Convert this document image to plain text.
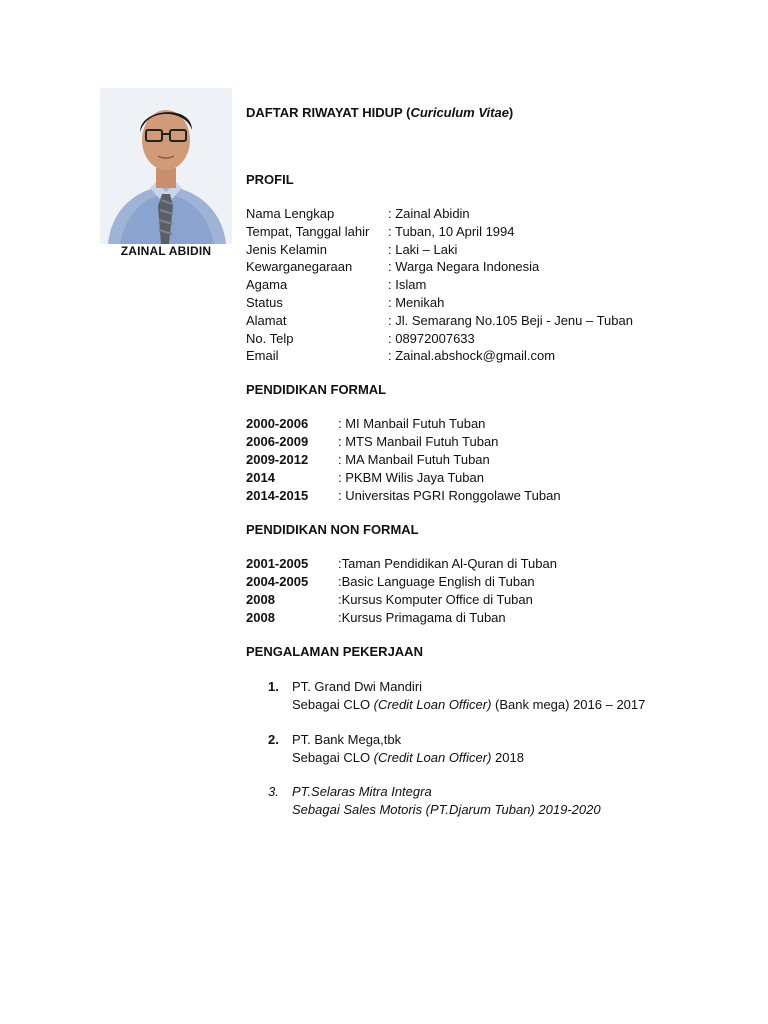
ZAINAL ABIDIN
DAFTAR RIWAYAT HIDUP (Curiculum Vitae)
PROFIL
Nama Lengkap	: Zainal Abidin
Tempat, Tanggal lahir : Tuban, 10 April 1994
Jenis Kelamin	: Laki – Laki
Kewarganegaraan	: Warga Negara Indonesia
Agama	: Islam
Status	: Menikah
Alamat	: Jl. Semarang No.105 Beji - Jenu – Tuban
No. Telp	: 08972007633
Email	: Zainal.abshock@gmail.com
PENDIDIKAN FORMAL
2000-2006 : MI Manbail Futuh Tuban
2006-2009 : MTS Manbail Futuh Tuban
2009-2012 : MA Manbail Futuh Tuban
2014	: PKBM Wilis Jaya Tuban
2014-2015 : Universitas PGRI Ronggolawe Tuban
PENDIDIKAN NON FORMAL
2001-2005 :Taman Pendidikan Al-Quran di Tuban
2004-2005 :Basic Language English di Tuban
2008	:Kursus Komputer Office di Tuban
2008	:Kursus Primagama di Tuban
PENGALAMAN PEKERJAAN
1. PT. Grand Dwi Mandiri
Sebagai CLO (Credit Loan Officer) (Bank mega) 2016 – 2017
2. PT. Bank Mega,tbk
Sebagai CLO (Credit Loan Officer) 2018
3. PT.Selaras Mitra Integra
Sebagai Sales Motoris (PT.Djarum Tuban) 2019-2020
